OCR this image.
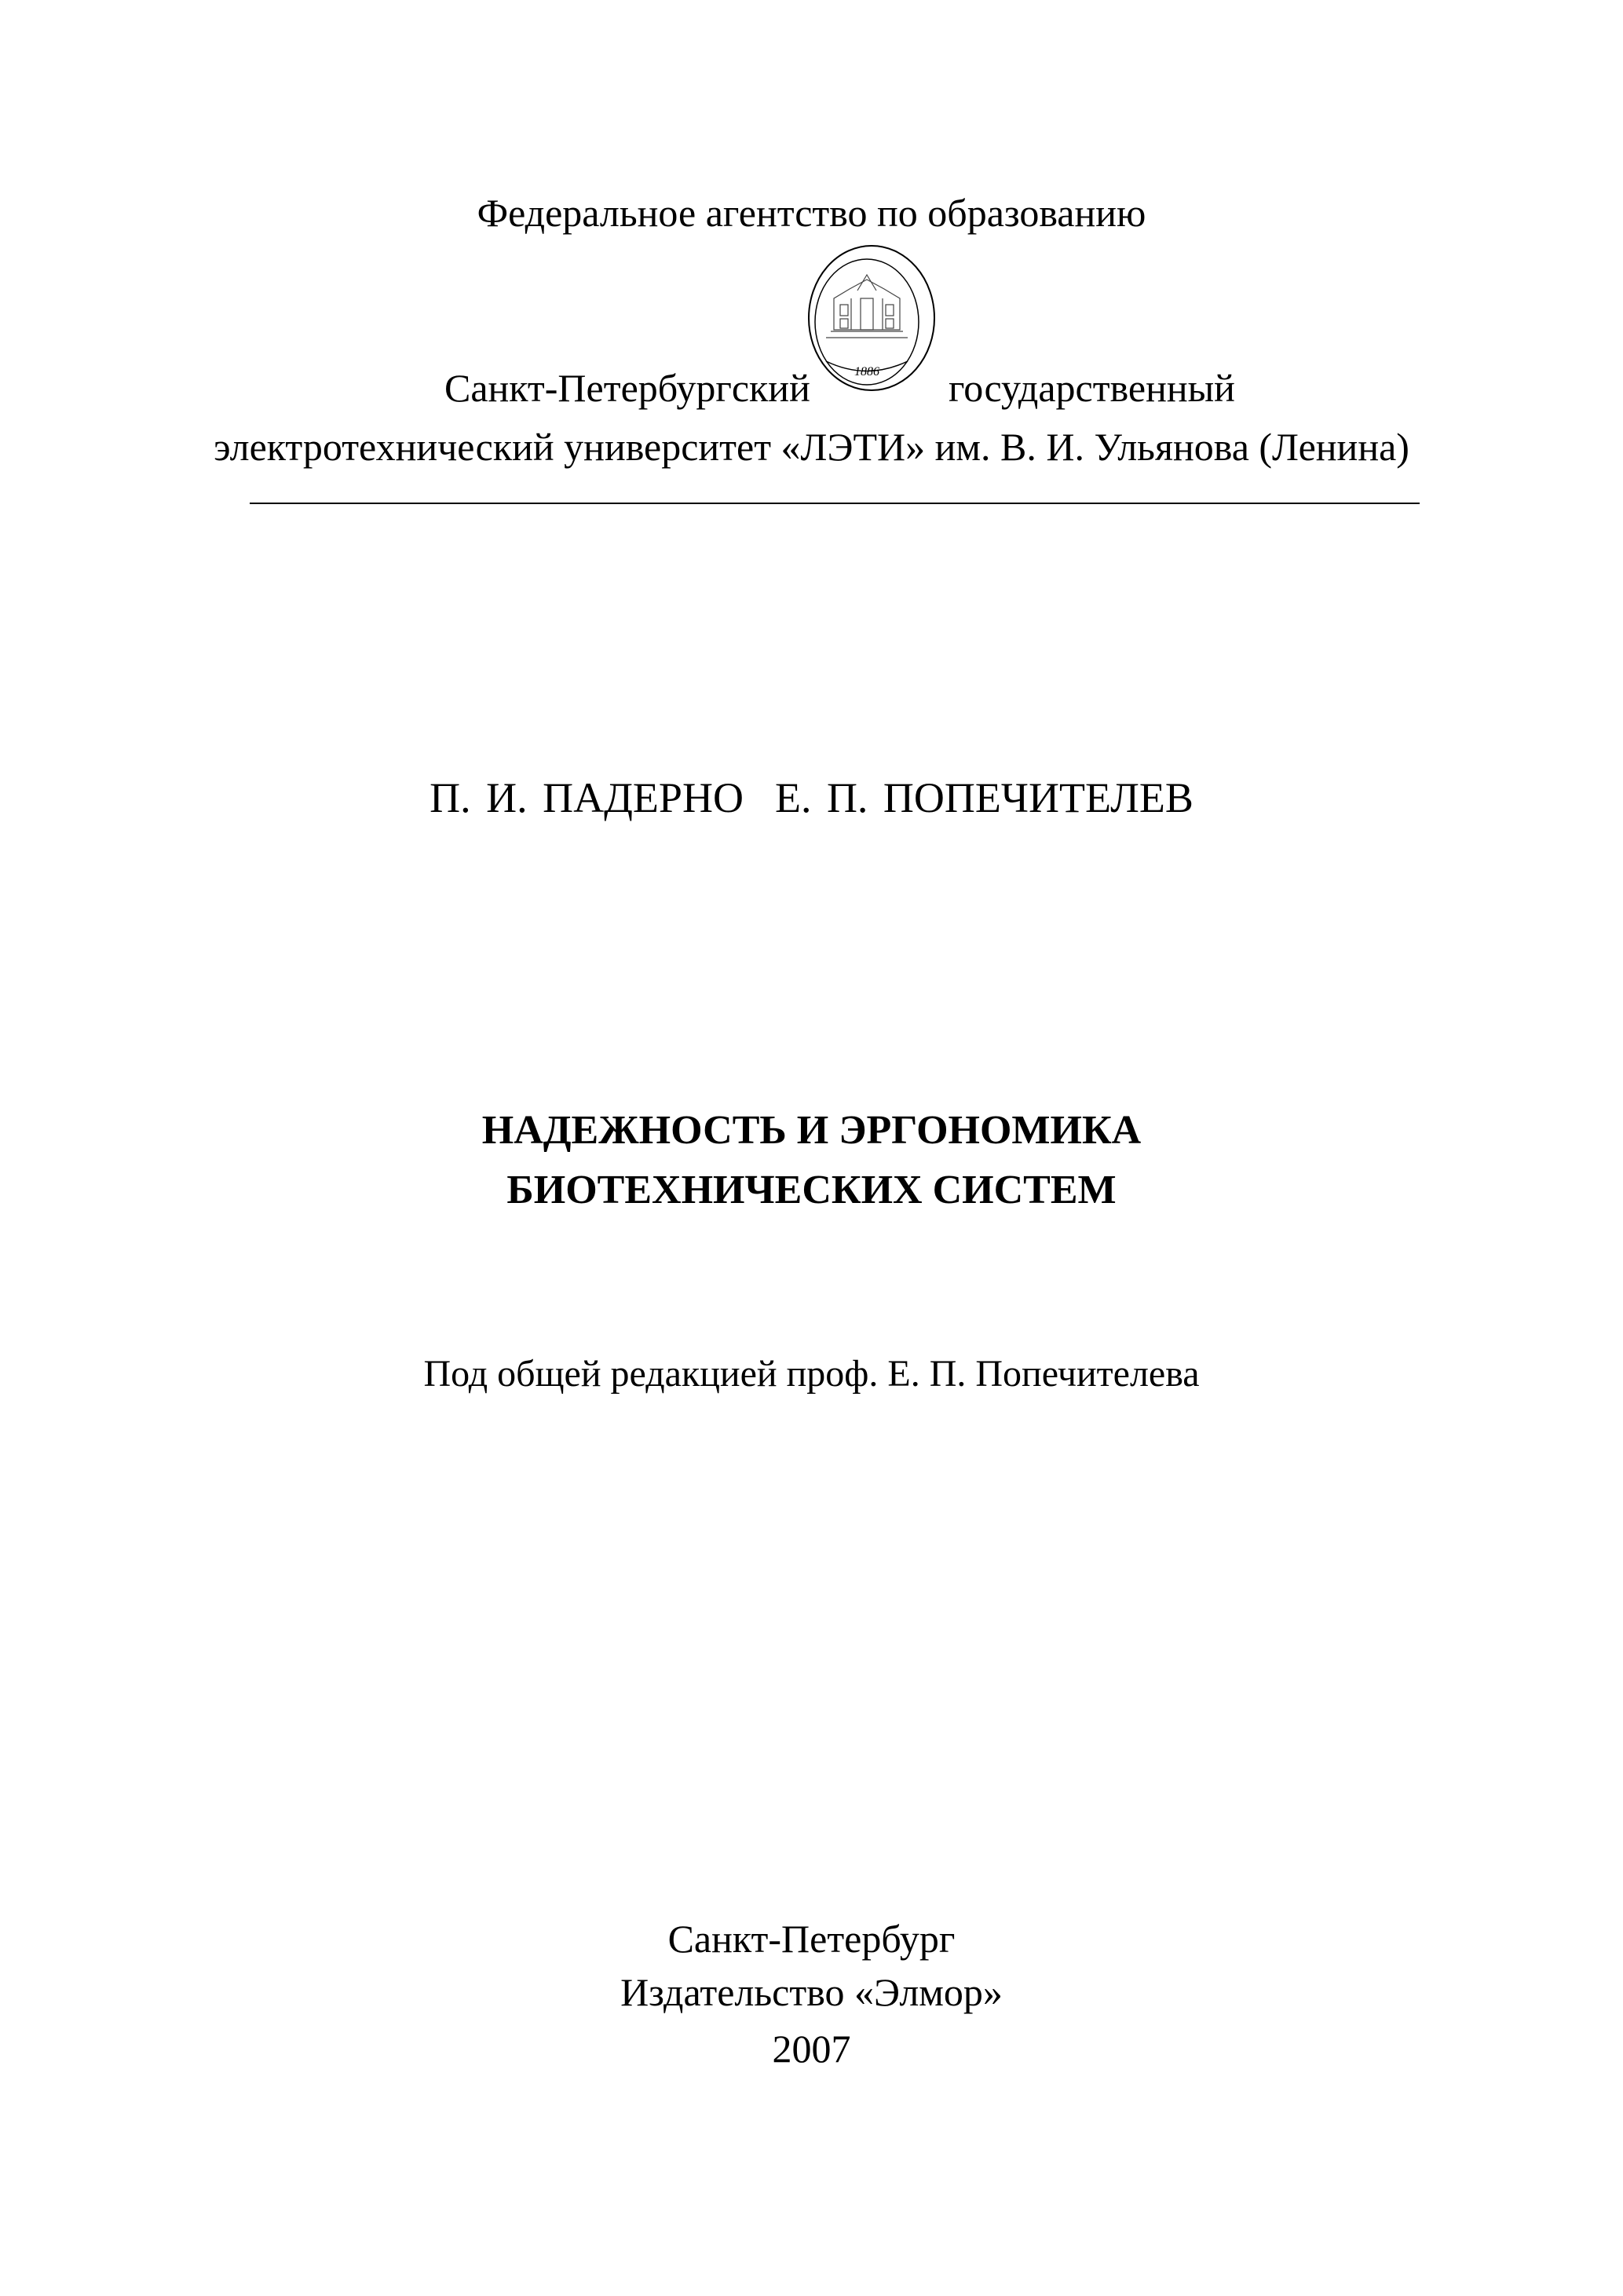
Федеральное агентство по образованию
1886
Санкт-Петербургский	государственный
электротехнический университет «ЛЭТИ» им. В. И. Ульянова (Ленина)
П. И. ПАДЕРНО Е. П. ПОПЕЧИТЕЛЕВ
НАДЕЖНОСТЬ И ЭРГОНОМИКА
БИОТЕХНИЧЕСКИХ СИСТЕМ
Под общей редакцией проф. Е. П. Попечителева
Санкт-Петербург
Издательство «Элмор»
2007
